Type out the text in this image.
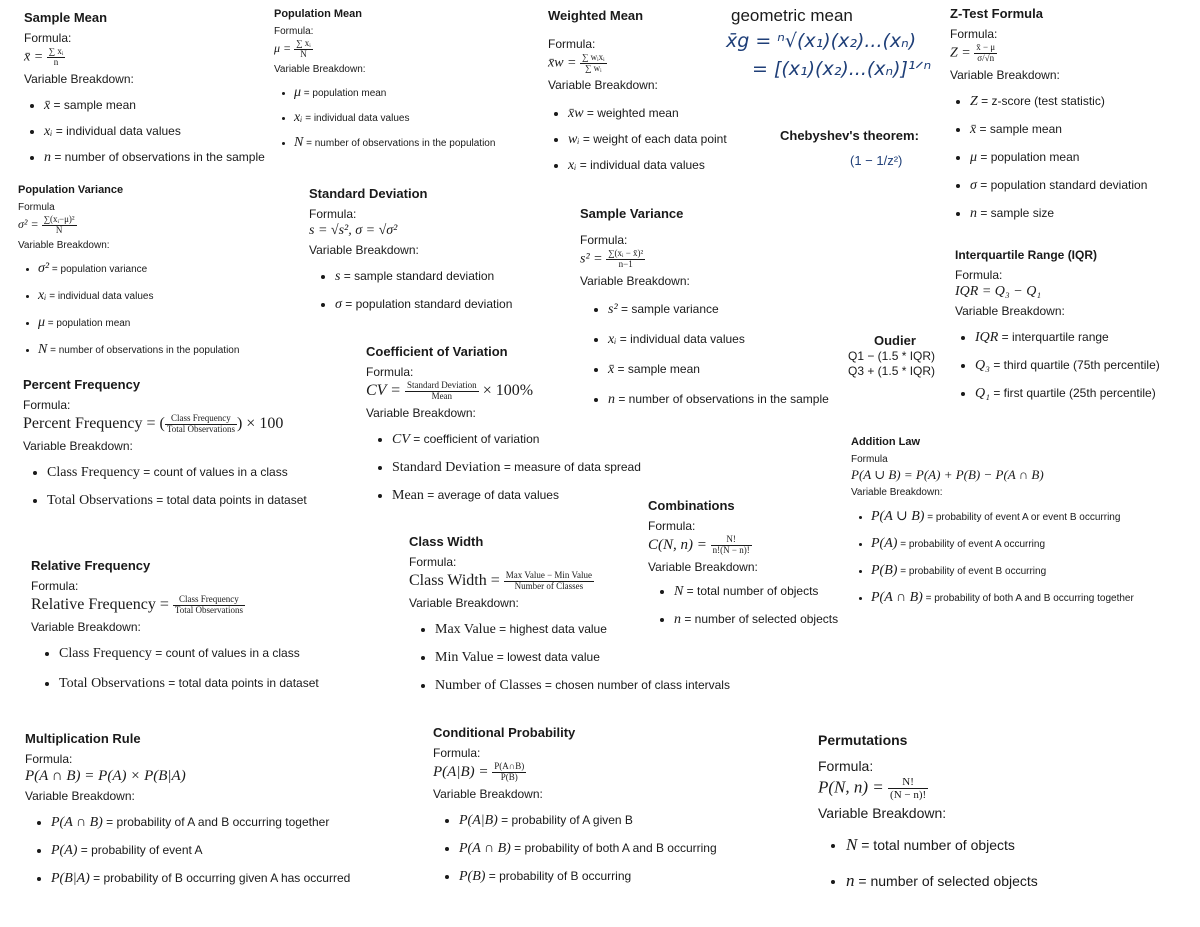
Sample Mean
Formula:
x̄ = $\frac{\text{∑ xᵢ}}{n}$
Variable Breakdown:
• x̄ = sample mean
• xᵢ = individual data values
• n = number of observations in the sample
Population Mean
Formula:
$\mu = \frac{\text{∑ xᵢ}}{N}$
Variable Breakdown:
• μ = population mean
• xᵢ = individual data values
• N = number of observations in the population
Weighted Mean
Formula:
x̄w = $\frac{\text{∑ wᵢxᵢ}}{\text{∑ wᵢ}}$
Variable Breakdown:
• x̄w = weighted mean
• wᵢ = weight of each data point
• xᵢ = individual data values
geometric mean
x̄g = ⁿ√(x₁)(x₂)...(xₙ)
= [(x₁)(x₂)...(xₙ)]¹ᐟⁿ
Chebyshev's theorem:
(1 − 1/z²)
Z-Test Formula
Formula:
$Z = \frac{x̄ - \mu}{\sigma/√n}$
Variable Breakdown:
• Z = z-score (test statistic)
• x̄ = sample mean
• μ = population mean
• σ = population standard deviation
• n = sample size
Population Variance
Formula
$\sigma^2 = \frac{\text{∑(xᵢ−μ)²}}{N}$
Variable Breakdown:
• σ² = population variance
• xᵢ = individual data values
• μ = population mean
• N = number of observations in the population
Standard Deviation
Formula:
s = √s², σ = √σ²
Variable Breakdown:
• s = sample standard deviation
• σ = population standard deviation
Sample Variance
Formula:
$s^2 = \frac{\text{∑(xᵢ − x̄)²}}{n-1}$
Variable Breakdown:
• s² = sample variance
• xᵢ = individual data values
• x̄ = sample mean
• n = number of observations in the sample
Interquartile Range (IQR)
Formula:
IQR = Q₃ − Q₁
Variable Breakdown:
• IQR = interquartile range
• Q₃ = third quartile (75th percentile)
• Q₁ = first quartile (25th percentile)
Oudier
Q1 − (1.5 * IQR)
Q3 + (1.5 * IQR)
Percent Frequency
Formula:
Percent Frequency = ( $\frac{\text{Class Frequency}}{\text{Total Observations}}$ ) × 100
Variable Breakdown:
• Class Frequency = count of values in a class
• Total Observations = total data points in dataset
Coefficient of Variation
Formula:
CV = $\frac{\text{Standard Deviation}}{\text{Mean}} \times 100\%$
Variable Breakdown:
• CV = coefficient of variation
• Standard Deviation = measure of data spread
• Mean = average of data values
Addition Law
Formula
P(A ∪ B) = P(A) + P(B) − P(A ∩ B)
Variable Breakdown:
• P(A ∪ B) = probability of event A or event B occurring
• P(A) = probability of event A occurring
• P(B) = probability of event B occurring
• P(A ∩ B) = probability of both A and B occurring together
Combinations
Formula:
C(N, $n) = \frac{N!}{n!(N - n)!}$
Variable Breakdown:
• N = total number of objects
• n = number of selected objects
Class Width
Formula:
Class Width = $\frac{\text{Max Value − Min Value}}{\text{Number of Classes}}$
Variable Breakdown:
• Max Value = highest data value
• Min Value = lowest data value
• Number of Classes = chosen number of class intervals
Relative Frequency
Formula:
Relative Frequency = $\frac{\text{Class Frequency}}{\text{Total Observations}}$
Variable Breakdown:
• Class Frequency = count of values in a class
• Total Observations = total data points in dataset
Multiplication Rule
Formula:
P(A ∩ B) = P(A) × P(B|A)
Variable Breakdown:
• P(A ∩ B) = probability of A and B occurring together
• P(A) = probability of event A
• P(B|A) = probability of B occurring given A has occurred
Conditional Probability
Formula:
$P(A|B) = \frac{P(A\cap B)}{P(B)}$
Variable Breakdown:
• P(A|B) = probability of A given B
• P(A ∩ B) = probability of both A and B occurring
• P(B) = probability of B occurring
Permutations
Formula:
P(N, $n) = \frac{N!}{(N - n)!}$
Variable Breakdown:
• N = total number of objects
• n = number of selected objects
